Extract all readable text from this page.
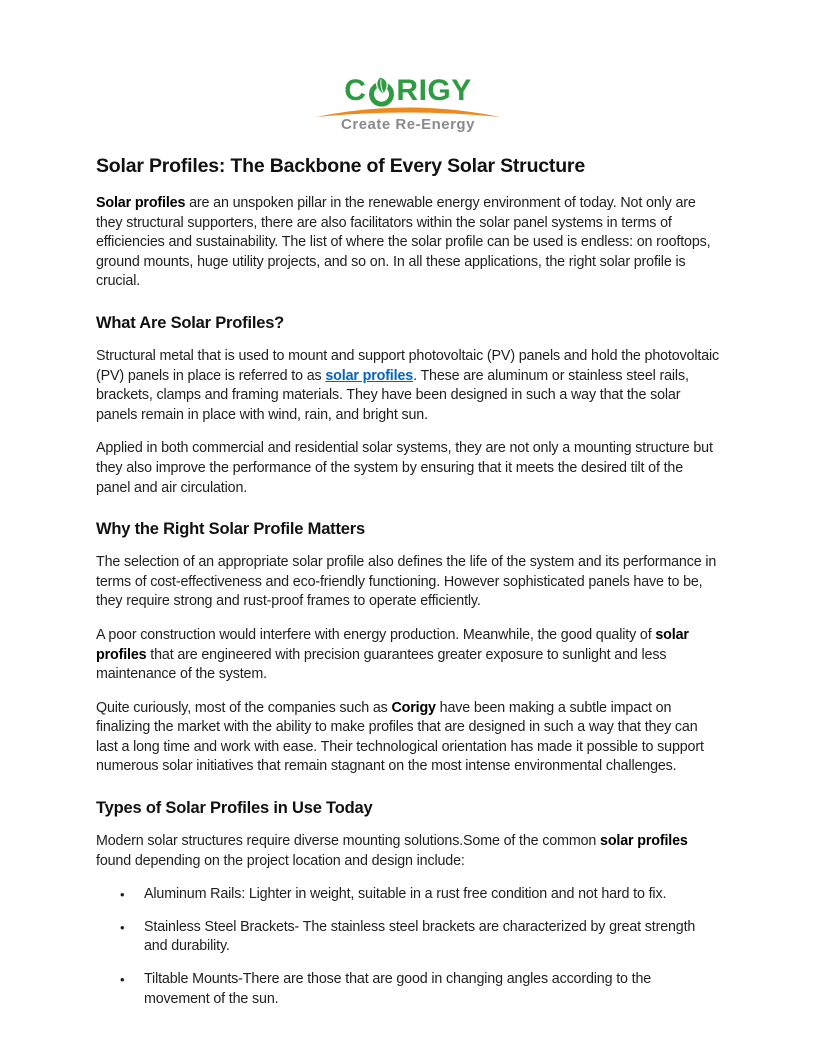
C RIGY
Create Re-Energy
Solar Profiles: The Backbone of Every Solar Structure

Solar profiles are an unspoken pillar in the renewable energy environment of today. Not only are they structural supporters, there are also facilitators within the solar panel systems in terms of efficiencies and sustainability. The list of where the solar profile can be used is endless: on rooftops, ground mounts, huge utility projects, and so on. In all these applications, the right solar profile is crucial.

What Are Solar Profiles?

Structural metal that is used to mount and support photovoltaic (PV) panels and hold the photovoltaic (PV) panels in place is referred to as solar profiles. These are aluminum or stainless steel rails, brackets, clamps and framing materials. They have been designed in such a way that the solar panels remain in place with wind, rain, and bright sun.

Applied in both commercial and residential solar systems, they are not only a mounting structure but they also improve the performance of the system by ensuring that it meets the desired tilt of the panel and air circulation.

Why the Right Solar Profile Matters

The selection of an appropriate solar profile also defines the life of the system and its performance in terms of cost-effectiveness and eco-friendly functioning. However sophisticated panels have to be, they require strong and rust-proof frames to operate efficiently.

A poor construction would interfere with energy production. Meanwhile, the good quality of solar profiles that are engineered with precision guarantees greater exposure to sunlight and less maintenance of the system.

Quite curiously, most of the companies such as Corigy have been making a subtle impact on finalizing the market with the ability to make profiles that are designed in such a way that they can last a long time and work with ease. Their technological orientation has made it possible to support numerous solar initiatives that remain stagnant on the most intense environmental challenges.

Types of Solar Profiles in Use Today

Modern solar structures require diverse mounting solutions.Some of the common solar profiles found depending on the project location and design include:

• Aluminum Rails: Lighter in weight, suitable in a rust free condition and not hard to fix.
• Stainless Steel Brackets- The stainless steel brackets are characterized by great strength and durability.
• Tiltable Mounts-There are those that are good in changing angles according to the movement of the sun.
